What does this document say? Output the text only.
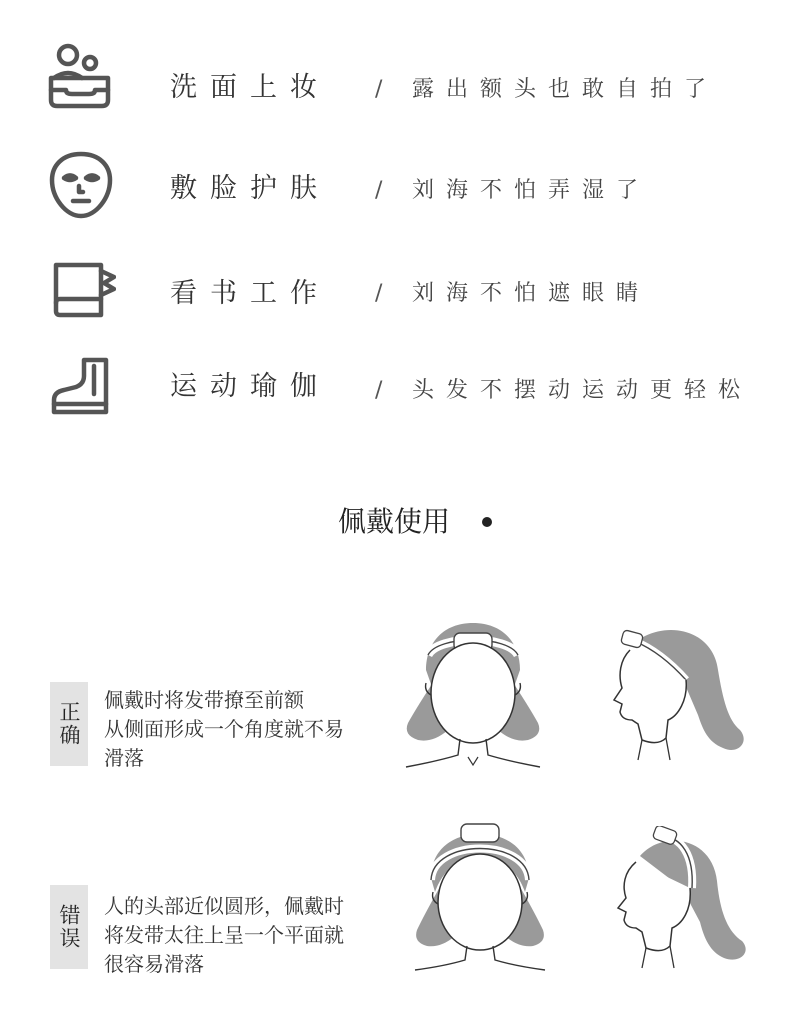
洗面上妆 / 露出额头也敢自拍了
敷脸护肤 / 刘海不怕弄湿了
看书工作 / 刘海不怕遮眼睛
运动瑜伽 / 头发不摆动运动更轻松
佩戴使用
正确
佩戴时将发带撩至前额
从侧面形成一个角度就不易
滑落
错误 人的头部近似圆形，佩戴时
将发带太往上呈一个平面就
很容易滑落
